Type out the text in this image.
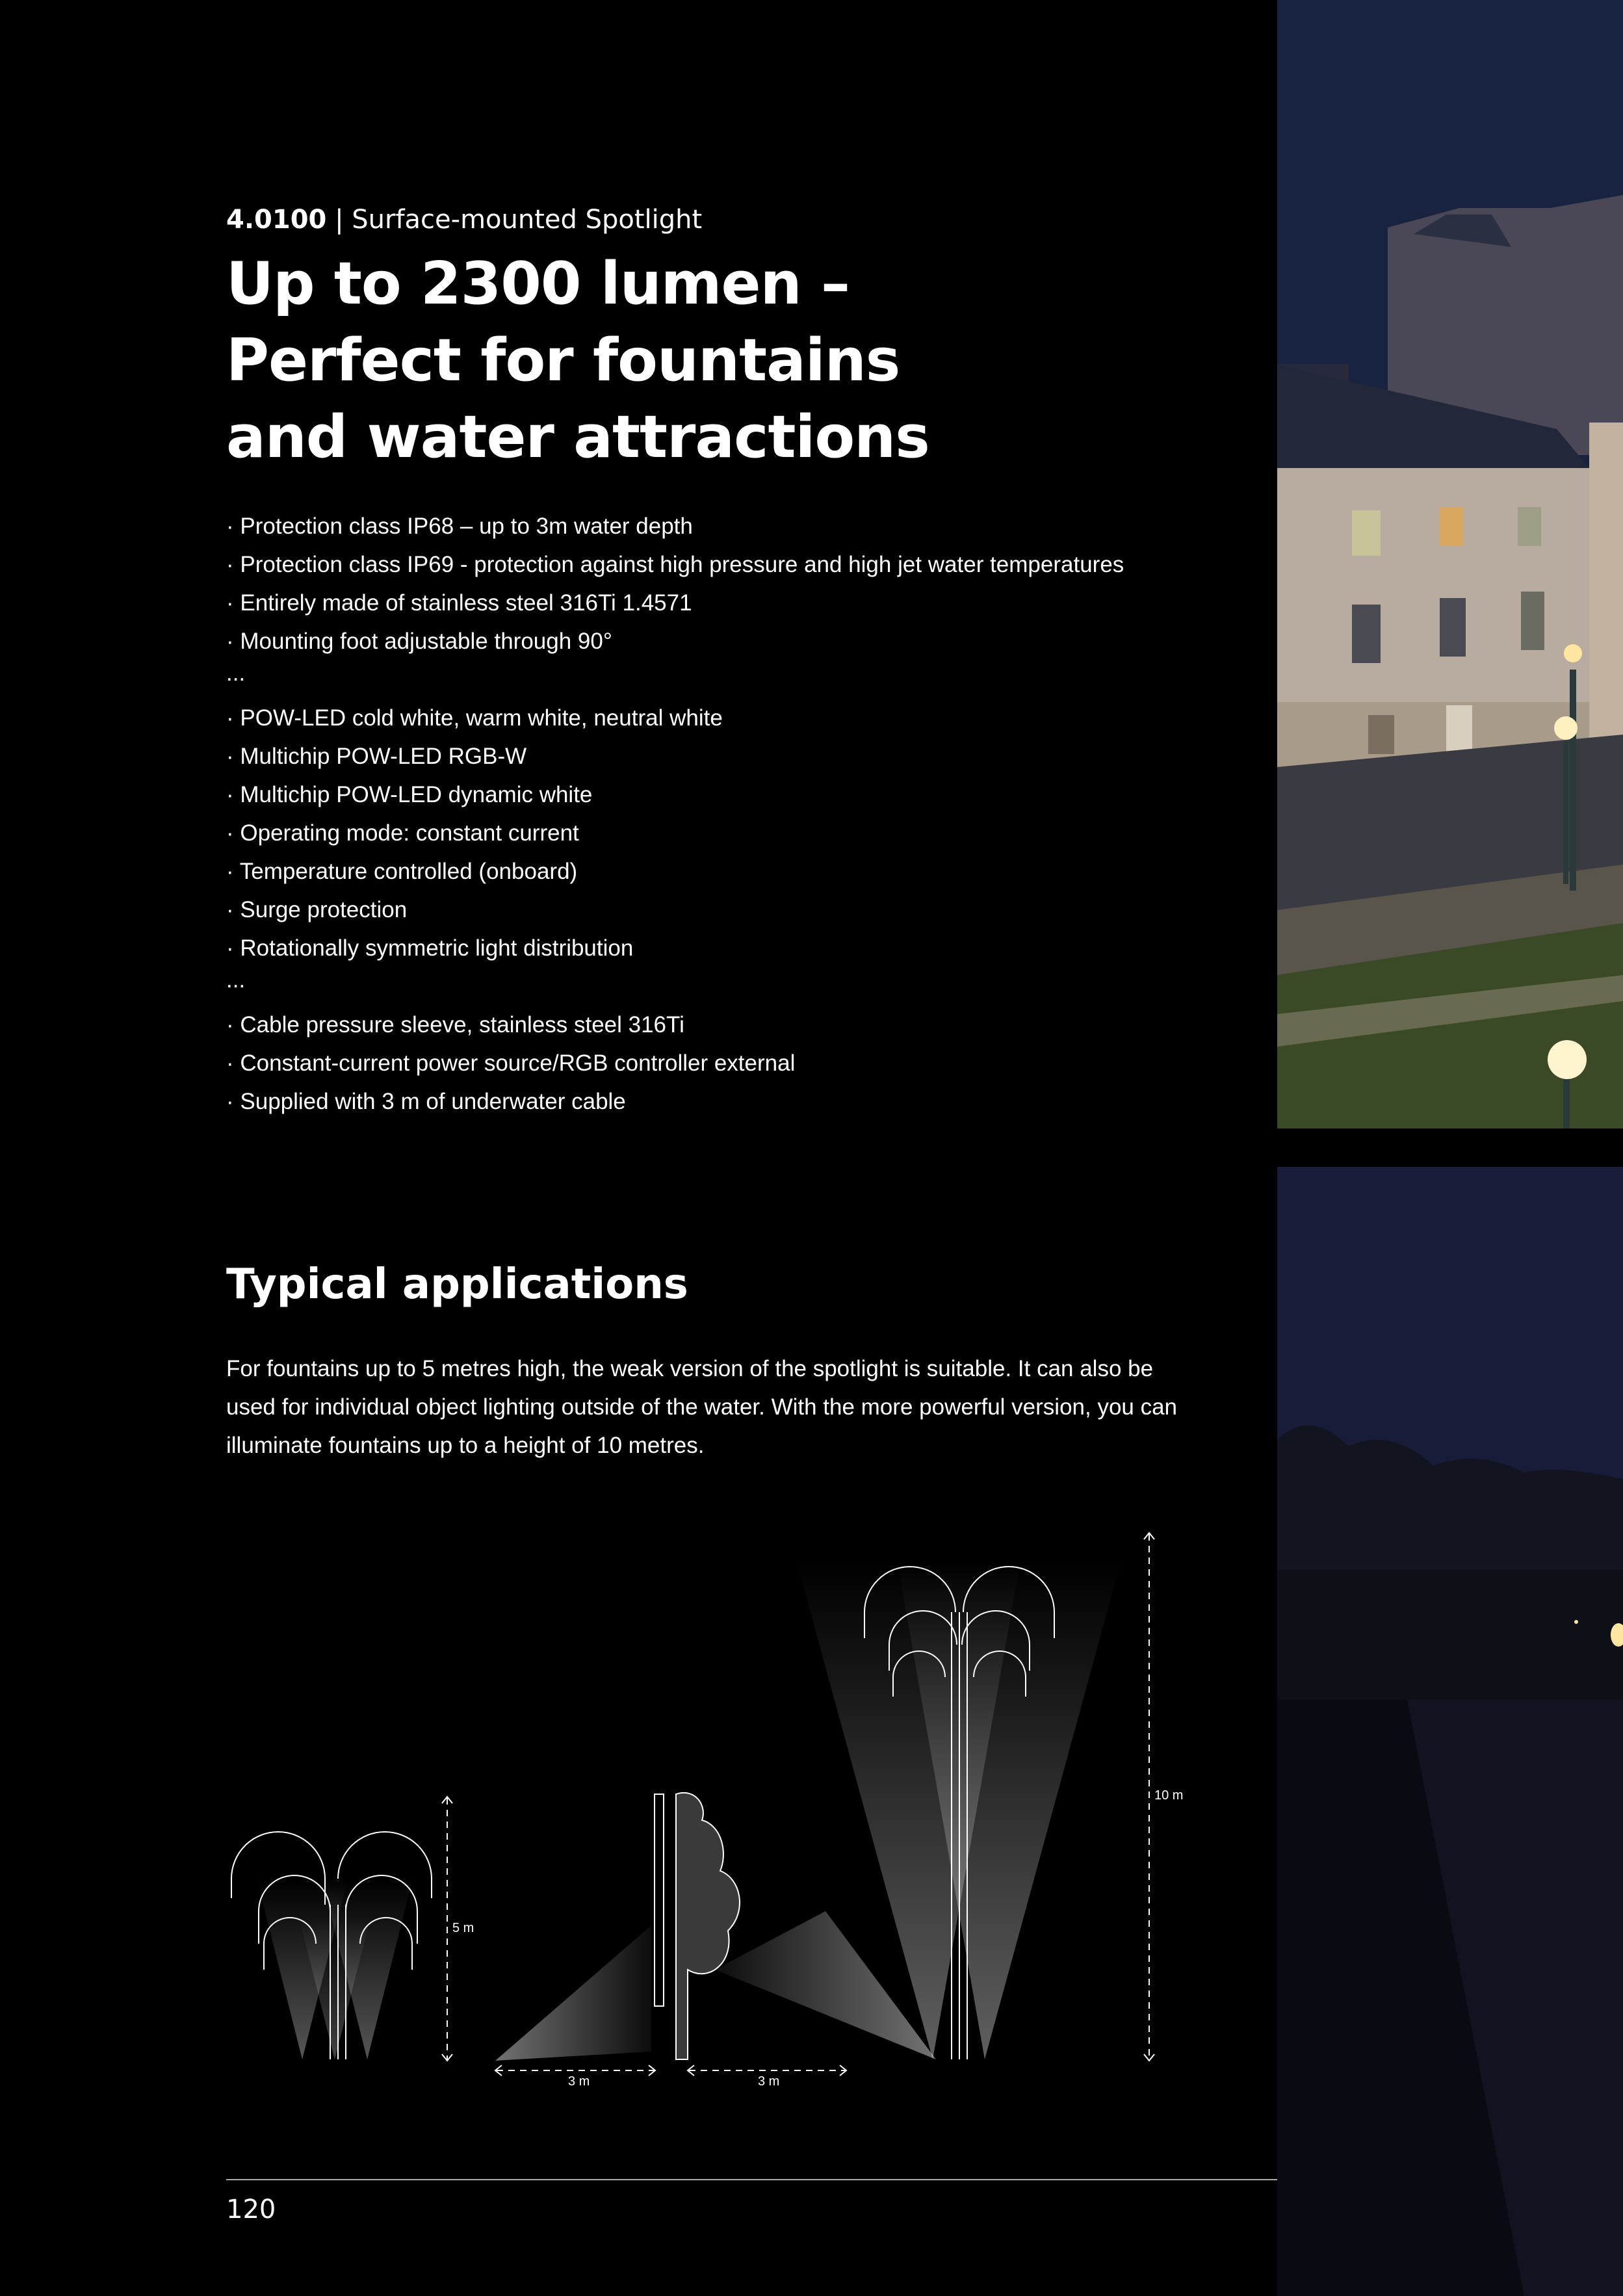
4.0100 | Surface-mounted Spotlight
Up to 2300 lumen –
Perfect for fountains
and water attractions
· Protection class IP68 – up to 3m water depth
· Protection class IP69 - protection against high pressure and high jet water temperatures
· Entirely made of stainless steel 316Ti 1.4571
· Mounting foot adjustable through 90°
...
· POW-LED cold white, warm white, neutral white
· Multichip POW-LED RGB-W
· Multichip POW-LED dynamic white
· Operating mode: constant current
· Temperature controlled (onboard)
· Surge protection
· Rotationally symmetric light distribution
...
· Cable pressure sleeve, stainless steel 316Ti
· Constant-current power source/RGB controller external
· Supplied with 3 m of underwater cable
Typical applications
For fountains up to 5 metres high, the weak version of the spotlight is suitable. It can also be
used for individual object lighting outside of the water. With the more powerful version, you can
illuminate fountains up to a height of 10 metres.
5 m
3 m	3 m
10 m
120
